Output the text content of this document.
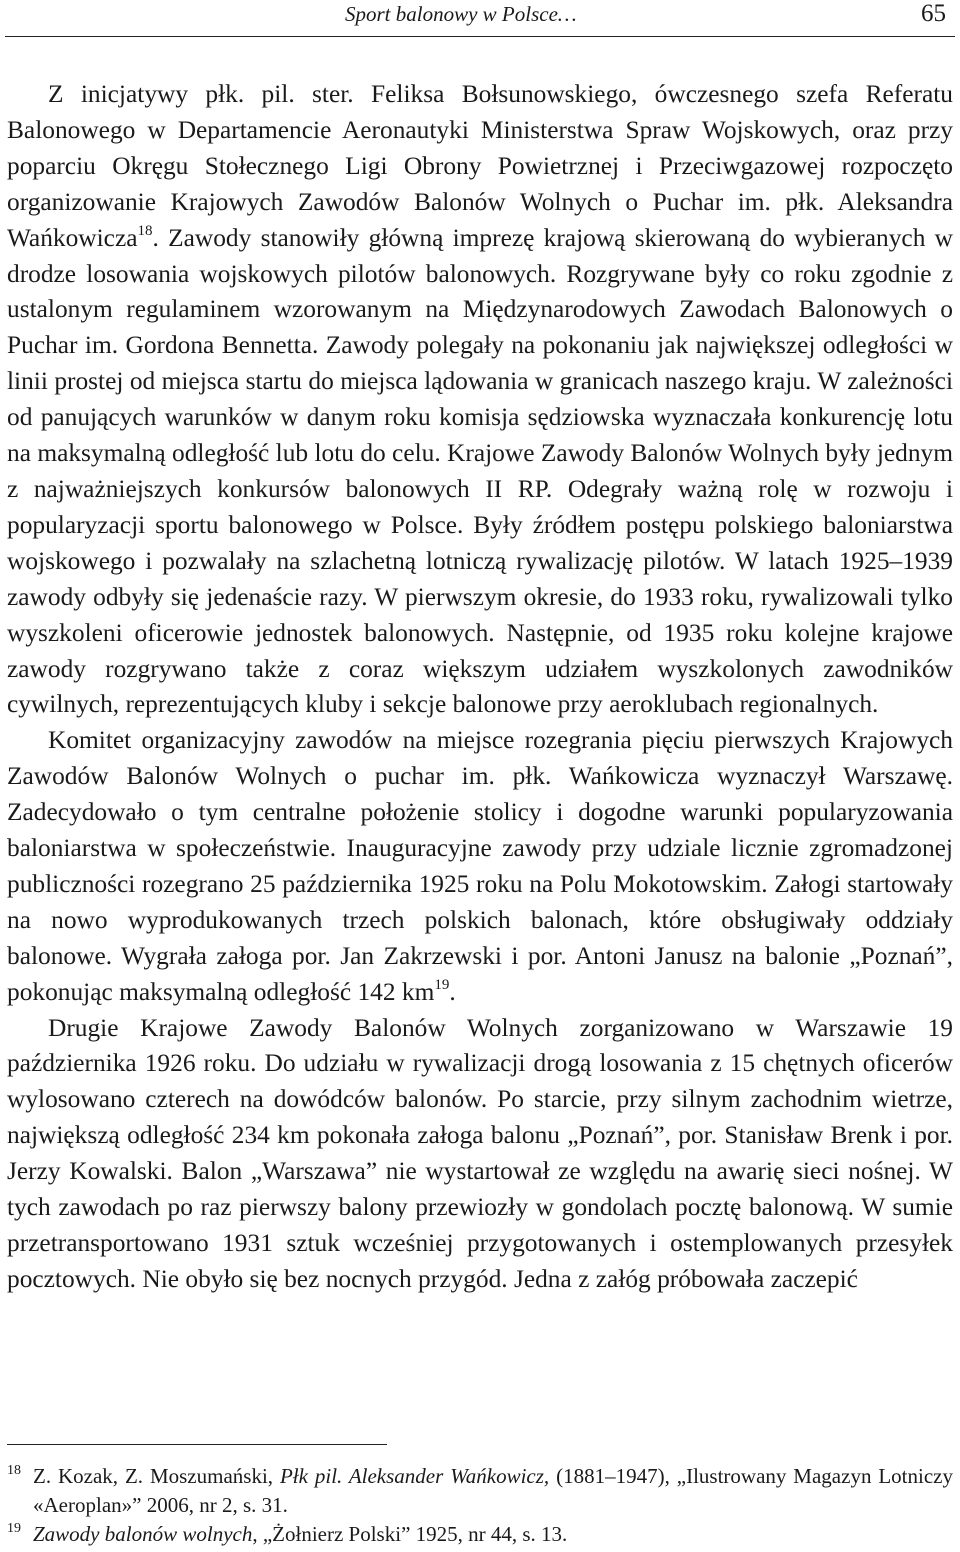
Sport balonowy w Polsce…	65

Z inicjatywy płk. pil. ster. Feliksa Bołsunowskiego, ówczesnego szefa Referatu Balonowego w Departamencie Aeronautyki Ministerstwa Spraw Wojskowych, oraz przy poparciu Okręgu Stołecznego Ligi Obrony Powietrznej i Przeciwgazowej rozpoczęto organizowanie Krajowych Zawodów Balonów Wolnych o Puchar im. płk. Aleksandra Wańkowicza$^{18}$. Zawody stanowiły główną imprezę krajową skierowaną do wybieranych w drodze losowania wojskowych pilotów balonowych. Rozgrywane były co roku zgodnie z ustalonym regulaminem wzorowanym na Międzynarodowych Zawodach Balonowych o Puchar im. Gordona Bennetta. Zawody polegały na pokonaniu jak największej odległości w linii prostej od miejsca startu do miejsca lądowania w granicach naszego kraju. W zależności od panujących warunków w danym roku komisja sędziowska wyznaczała konkurencję lotu na maksymalną odległość lub lotu do celu. Krajowe Zawody Balonów Wolnych były jednym z najważniejszych konkursów balonowych II RP. Odegrały ważną rolę w rozwoju i popularyzacji sportu balonowego w Polsce. Były źródłem postępu polskiego baloniarstwa wojskowego i pozwalały na szlachetną lotniczą rywalizację pilotów. W latach 1925–1939 zawody odbyły się jedenaście razy. W pierwszym okresie, do 1933 roku, rywalizowali tylko wyszkoleni oficerowie jednostek balonowych. Następnie, od 1935 roku kolejne krajowe zawody rozgrywano także z coraz większym udziałem wyszkolonych zawodników cywilnych, reprezentujących kluby i sekcje balonowe przy aeroklubach regionalnych.

Komitet organizacyjny zawodów na miejsce rozegrania pięciu pierwszych Krajowych Zawodów Balonów Wolnych o puchar im. płk. Wańkowicza wyznaczył Warszawę. Zadecydowało o tym centralne położenie stolicy i dogodne warunki popularyzowania baloniarstwa w społeczeństwie. Inauguracyjne zawody przy udziale licznie zgromadzonej publiczności rozegrano 25 października 1925 roku na Polu Mokotowskim. Załogi startowały na nowo wyprodukowanych trzech polskich balonach, które obsługiwały oddziały balonowe. Wygrała załoga por. Jan Zakrzewski i por. Antoni Janusz na balonie „Poznań”, pokonując maksymalną odległość 142 $km^{19}$.

Drugie Krajowe Zawody Balonów Wolnych zorganizowano w Warszawie 19 października 1926 roku. Do udziału w rywalizacji drogą losowania z 15 chętnych oficerów wylosowano czterech na dowódców balonów. Po starcie, przy silnym zachodnim wietrze, największą odległość 234 km pokonała załoga balonu „Poznań”, por. Stanisław Brenk i por. Jerzy Kowalski. Balon „Warszawa” nie wystartował ze względu na awarię sieci nośnej. W tych zawodach po raz pierwszy balony przewiozły w gondolach pocztę balonową. W sumie przetransportowano 1931 sztuk wcześniej przygotowanych i ostemplowanych przesyłek pocztowych. Nie obyło się bez nocnych przygód. Jedna z załóg próbowała zaczepić

18 Z. Kozak, Z. Moszumański, Płk pil. Aleksander Wańkowicz, (1881–1947), „Ilustrowany Magazyn Lotniczy «Aeroplan»” 2006, nr 2, s. 31.
19 Zawody balonów wolnych, „Żołnierz Polski” 1925, nr 44, s. 13.
